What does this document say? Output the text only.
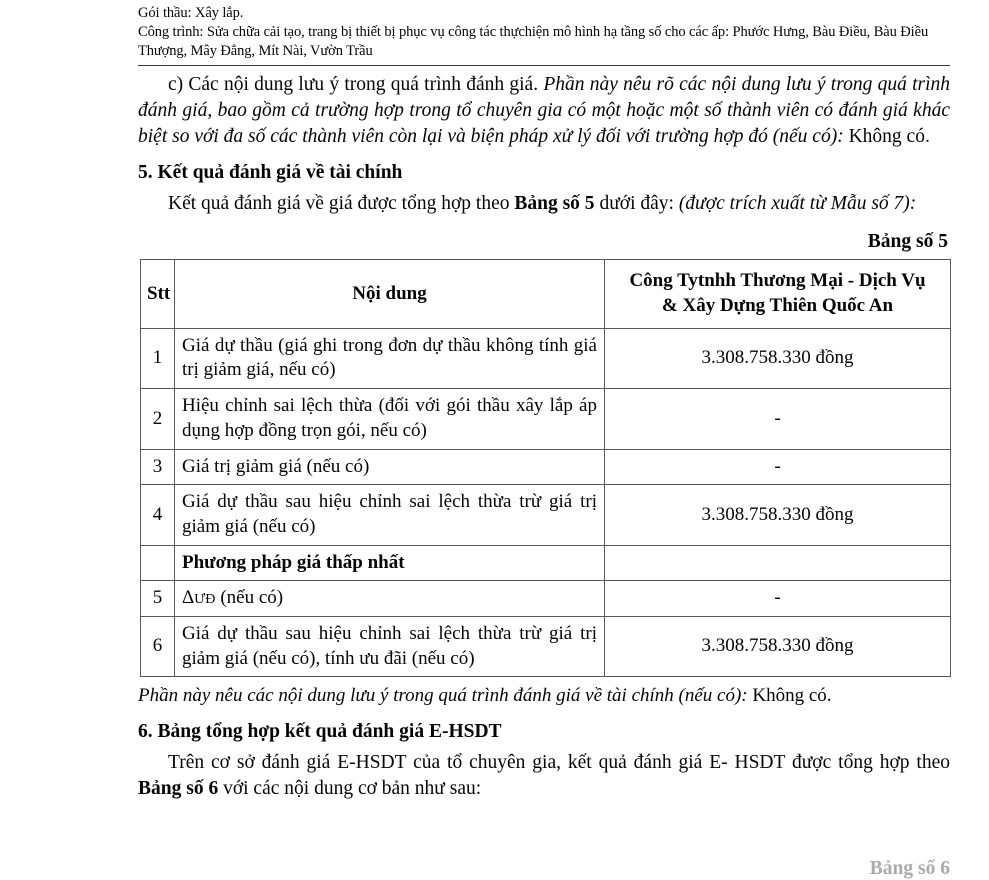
Gói thầu: Xây lắp.
Công trình: Sửa chữa cải tạo, trang bị thiết bị phục vụ công tác thựchiện mô hình hạ tầng số cho các ấp: Phước Hưng, Bàu Điều, Bàu Điều Thượng, Mây Đẳng, Mít Nài, Vườn Trầu

c) Các nội dung lưu ý trong quá trình đánh giá. Phần này nêu rõ các nội dung lưu ý trong quá trình đánh giá, bao gồm cả trường hợp trong tổ chuyên gia có một hoặc một số thành viên có đánh giá khác biệt so với đa số các thành viên còn lại và biện pháp xử lý đối với trường hợp đó (nếu có): Không có.

5. Kết quả đánh giá về tài chính

Kết quả đánh giá về giá được tổng hợp theo Bảng số 5 dưới đây: (được trích xuất từ Mẫu số 7):

Bảng số 5
Stt	Nội dung	Công Tytnhh Thương Mại - Dịch Vụ
& Xây Dựng Thiên Quốc An

1	Giá dự thầu (giá ghi trong đơn dự thầu không tính giá trị giảm giá, nếu có)	3.308.758.330 đồng
2	Hiệu chỉnh sai lệch thừa (đối với gói thầu xây lắp áp dụng hợp đồng trọn gói, nếu có)	-
3	Giá trị giảm giá (nếu có)	-
4	Giá dự thầu sau hiệu chỉnh sai lệch thừa trừ giá trị giảm giá (nếu có)	3.308.758.330 đồng
	Phương pháp giá thấp nhất	
5	ΔƯĐ (nếu có)	-
6	Giá dự thầu sau hiệu chỉnh sai lệch thừa trừ giá trị giảm giá (nếu có), tính ưu đãi (nếu có)	3.308.758.330 đồng

Phần này nêu các nội dung lưu ý trong quá trình đánh giá về tài chính (nếu có): Không có.

6. Bảng tổng hợp kết quả đánh giá E-HSDT

Trên cơ sở đánh giá E-HSDT của tổ chuyên gia, kết quả đánh giá E- HSDT được tổng hợp theo Bảng số 6 với các nội dung cơ bản như sau:

Bảng số 6
